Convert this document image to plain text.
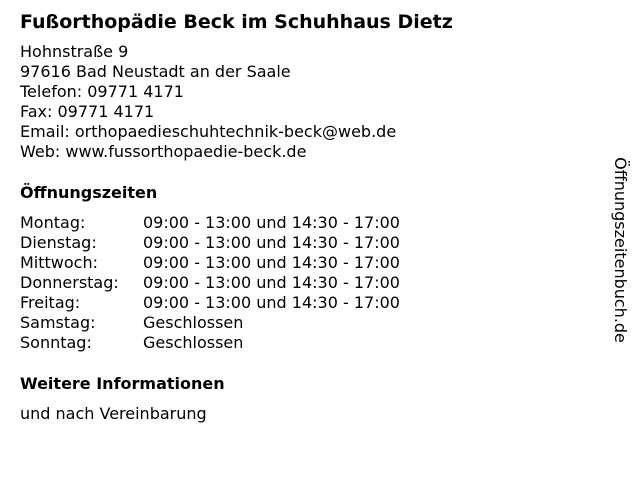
Fußorthopädie Beck im Schuhhaus Dietz
Hohnstraße 9
97616 Bad Neustadt an der Saale
Telefon: 09771 4171
Fax: 09771 4171
Email: orthopaedieschuhtechnik-beck@web.de
Web: www.fussorthopaedie-beck.de
Öffnungszeiten
Montag:	09:00 - 13:00 und 14:30 - 17:00
Dienstag:	09:00 - 13:00 und 14:30 - 17:00
Mittwoch:	09:00 - 13:00 und 14:30 - 17:00
Donnerstag:	09:00 - 13:00 und 14:30 - 17:00
Freitag:	09:00 - 13:00 und 14:30 - 17:00
Samstag:	Geschlossen
Sonntag:	Geschlossen
Weitere Informationen
und nach Vereinbarung
Öffnungszeitenbuch.de
